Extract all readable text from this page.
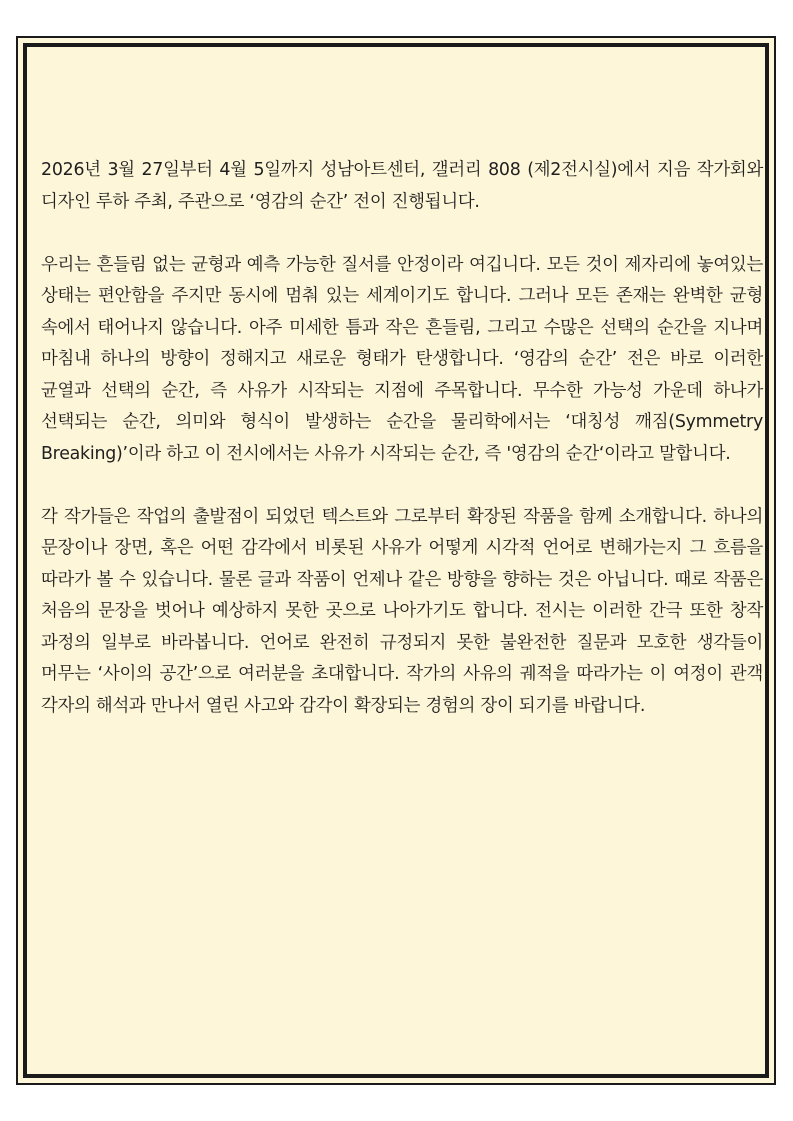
2026년 3월 27일부터 4월 5일까지 성남아트센터, 갤러리 808 (제2전시실)에서 지음 작가회와 디자인 루하 주최, 주관으로 ‘영감의 순간’ 전이 진행됩니다.

우리는 흔들림 없는 균형과 예측 가능한 질서를 안정이라 여깁니다. 모든 것이 제자리에 놓여있는 상태는 편안함을 주지만 동시에 멈춰 있는 세계이기도 합니다. 그러나 모든 존재는 완벽한 균형 속에서 태어나지 않습니다. 아주 미세한 틈과 작은 흔들림, 그리고 수많은 선택의 순간을 지나며 마침내 하나의 방향이 정해지고 새로운 형태가 탄생합니다. ‘영감의 순간’ 전은 바로 이러한 균열과 선택의 순간, 즉 사유가 시작되는 지점에 주목합니다. 무수한 가능성 가운데 하나가 선택되는 순간, 의미와 형식이 발생하는 순간을 물리학에서는 ‘대칭성 깨짐(Symmetry Breaking)’이라 하고 이 전시에서는 사유가 시작되는 순간, 즉 '영감의 순간‘이라고 말합니다.

각 작가들은 작업의 출발점이 되었던 텍스트와 그로부터 확장된 작품을 함께 소개합니다. 하나의 문장이나 장면, 혹은 어떤 감각에서 비롯된 사유가 어떻게 시각적 언어로 변해가는지 그 흐름을 따라가 볼 수 있습니다. 물론 글과 작품이 언제나 같은 방향을 향하는 것은 아닙니다. 때로 작품은 처음의 문장을 벗어나 예상하지 못한 곳으로 나아가기도 합니다. 전시는 이러한 간극 또한 창작 과정의 일부로 바라봅니다. 언어로 완전히 규정되지 못한 불완전한 질문과 모호한 생각들이 머무는 ‘사이의 공간’으로 여러분을 초대합니다. 작가의 사유의 궤적을 따라가는 이 여정이 관객 각자의 해석과 만나서 열린 사고와 감각이 확장되는 경험의 장이 되기를 바랍니다.
